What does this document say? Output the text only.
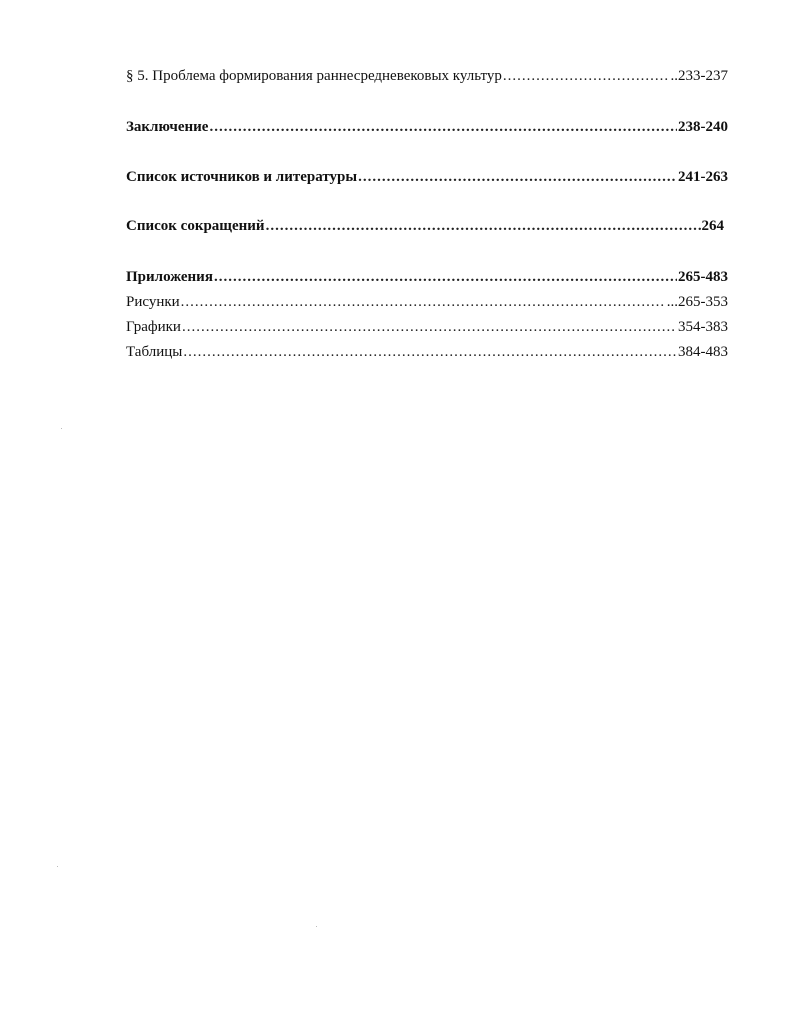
§ 5. Проблема формирования раннесредневековых культур .....	..233-237
Заключение .....	238-240
Список источников и литературы .....	241-263
Список сокращений .....	264
Приложения .....	265-483
Рисунки .....	...265-353
Графики .....	354-383
Таблицы .....	384-483
